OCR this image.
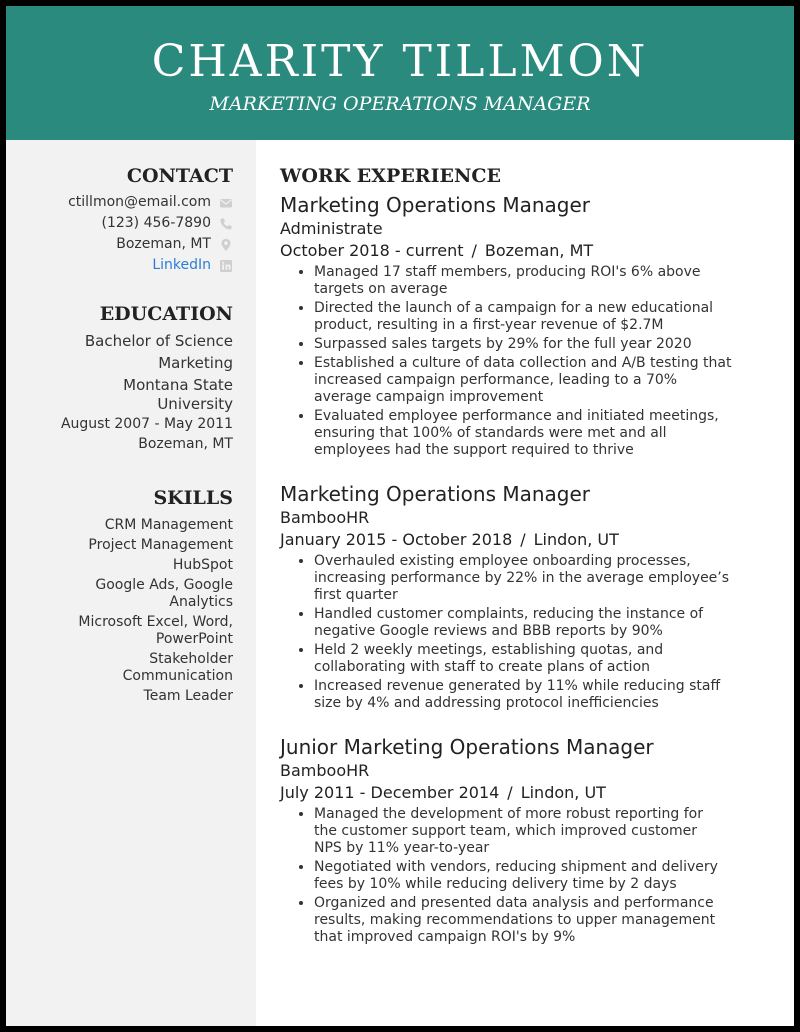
CHARITY TILLMON
MARKETING OPERATIONS MANAGER
CONTACT
ctillmon@email.com
(123) 456-7890
Bozeman, MT
LinkedIn
EDUCATION
Bachelor of Science
Marketing
Montana State
University
August 2007 - May 2011
Bozeman, MT
SKILLS
CRM Management
Project Management
HubSpot
Google Ads, Google
Analytics
Microsoft Excel, Word,
PowerPoint
Stakeholder
Communication
Team Leader
WORK EXPERIENCE
Marketing Operations Manager
Administrate
October 2018 - current / Bozeman, MT
• Managed 17 staff members, producing ROI's 6% above
targets on average
• Directed the launch of a campaign for a new educational
product, resulting in a first-year revenue of $2.7M
• Surpassed sales targets by 29% for the full year 2020
• Established a culture of data collection and A/B testing that
increased campaign performance, leading to a 70%
average campaign improvement
• Evaluated employee performance and initiated meetings,
ensuring that 100% of standards were met and all
employees had the support required to thrive
Marketing Operations Manager
BambooHR
January 2015 - October 2018 / Lindon, UT
• Overhauled existing employee onboarding processes,
increasing performance by 22% in the average employee’s
first quarter
• Handled customer complaints, reducing the instance of
negative Google reviews and BBB reports by 90%
• Held 2 weekly meetings, establishing quotas, and
collaborating with staff to create plans of action
• Increased revenue generated by 11% while reducing staff
size by 4% and addressing protocol inefficiencies
Junior Marketing Operations Manager
BambooHR
July 2011 - December 2014 / Lindon, UT
• Managed the development of more robust reporting for
the customer support team, which improved customer
NPS by 11% year-to-year
• Negotiated with vendors, reducing shipment and delivery
fees by 10% while reducing delivery time by 2 days
• Organized and presented data analysis and performance
results, making recommendations to upper management
that improved campaign ROI's by 9%
